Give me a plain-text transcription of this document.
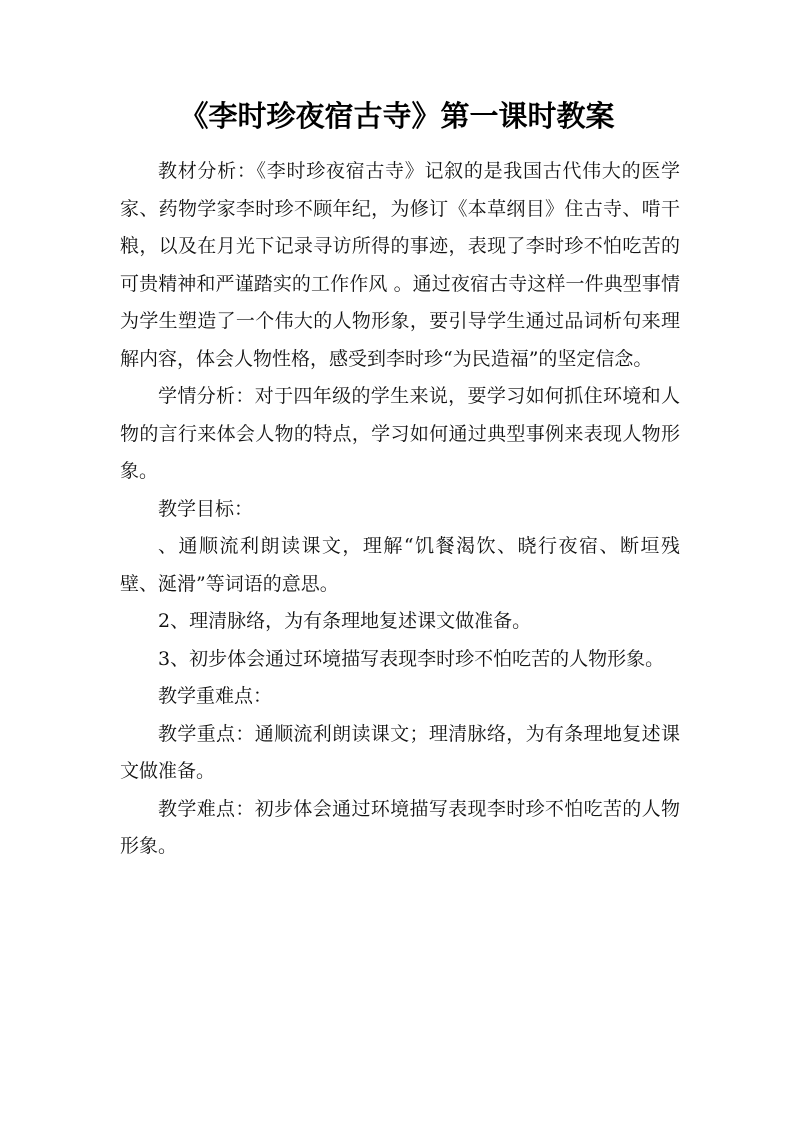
《李时珍夜宿古寺》第一课时教案

教材分析：《李时珍夜宿古寺》记叙的是我国古代伟大的医学家、药物学家李时珍不顾年纪，为修订《本草纲目》住古寺、啃干粮，以及在月光下记录寻访所得的事迹，表现了李时珍不怕吃苦的可贵精神和严谨踏实的工作作风 。通过夜宿古寺这样一件典型事情为学生塑造了一个伟大的人物形象，要引导学生通过品词析句来理解内容，体会人物性格，感受到李时珍“为民造福”的坚定信念。

学情分析：对于四年级的学生来说，要学习如何抓住环境和人物的言行来体会人物的特点，学习如何通过典型事例来表现人物形象。

教学目标：

、通顺流利朗读课文，理解“饥餐渴饮、晓行夜宿、断垣残壁、涎滑”等词语的意思。

2、理清脉络，为有条理地复述课文做准备。

3、初步体会通过环境描写表现李时珍不怕吃苦的人物形象。

教学重难点：

教学重点：通顺流利朗读课文；理清脉络，为有条理地复述课文做准备。

教学难点：初步体会通过环境描写表现李时珍不怕吃苦的人物形象。
